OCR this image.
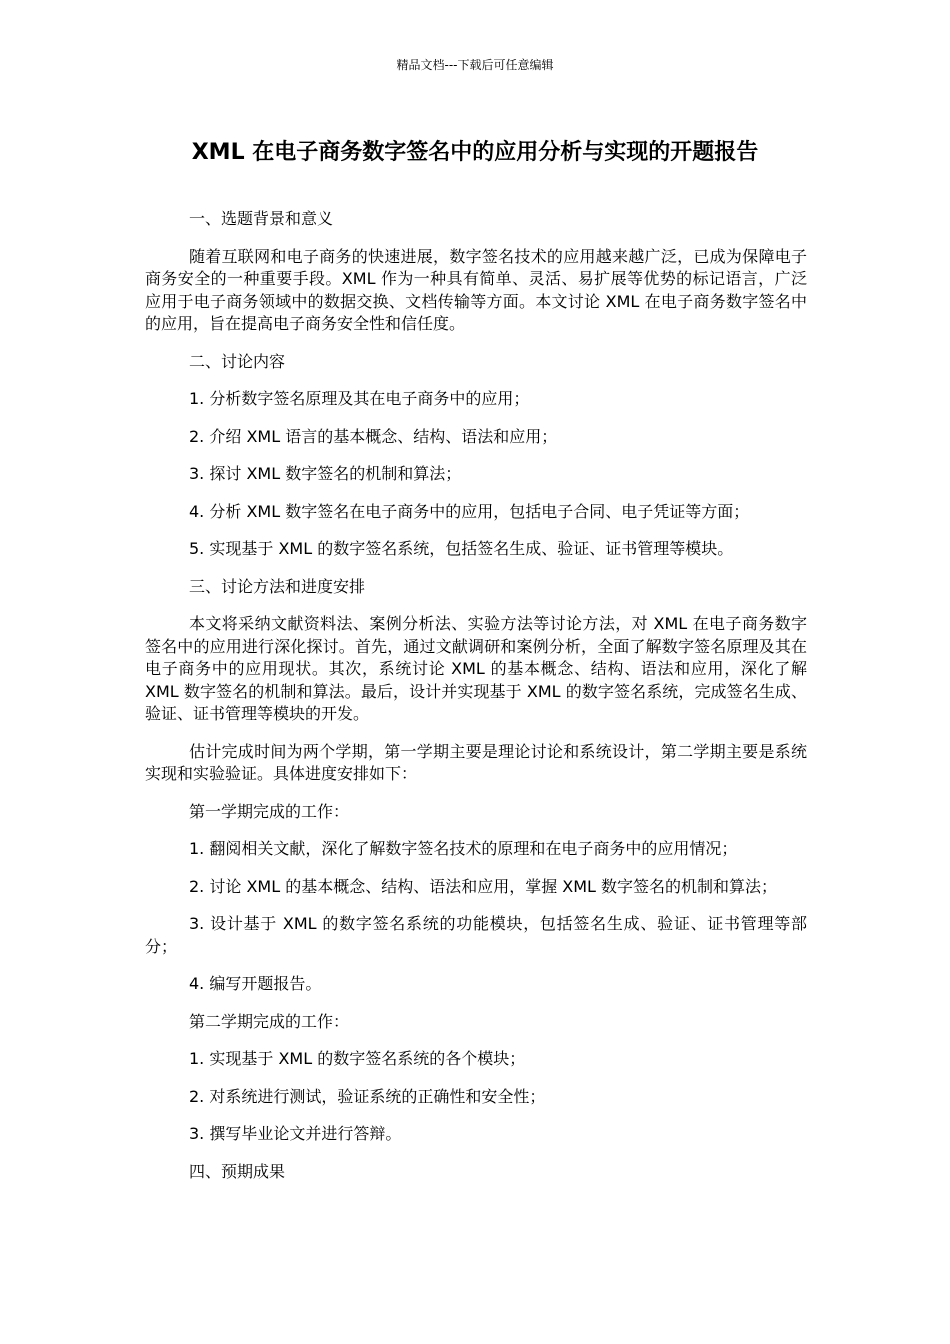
精品文档---下载后可任意编辑
XML 在电子商务数字签名中的应用分析与实现的开题报告

一、选题背景和意义

随着互联网和电子商务的快速进展，数字签名技术的应用越来越广泛，已成为保障电子商务安全的一种重要手段。XML 作为一种具有简单、灵活、易扩展等优势的标记语言，广泛应用于电子商务领域中的数据交换、文档传输等方面。本文讨论 XML 在电子商务数字签名中的应用，旨在提高电子商务安全性和信任度。

二、讨论内容

1. 分析数字签名原理及其在电子商务中的应用；

2. 介绍 XML 语言的基本概念、结构、语法和应用；

3. 探讨 XML 数字签名的机制和算法；

4. 分析 XML 数字签名在电子商务中的应用，包括电子合同、电子凭证等方面；

5. 实现基于 XML 的数字签名系统，包括签名生成、验证、证书管理等模块。

三、讨论方法和进度安排

本文将采纳文献资料法、案例分析法、实验方法等讨论方法，对 XML 在电子商务数字签名中的应用进行深化探讨。首先，通过文献调研和案例分析，全面了解数字签名原理及其在电子商务中的应用现状。其次，系统讨论 XML 的基本概念、结构、语法和应用，深化了解 XML 数字签名的机制和算法。最后，设计并实现基于 XML 的数字签名系统，完成签名生成、验证、证书管理等模块的开发。

估计完成时间为两个学期，第一学期主要是理论讨论和系统设计，第二学期主要是系统实现和实验验证。具体进度安排如下：

第一学期完成的工作：

1. 翻阅相关文献，深化了解数字签名技术的原理和在电子商务中的应用情况；

2. 讨论 XML 的基本概念、结构、语法和应用，掌握 XML 数字签名的机制和算法；

3. 设计基于 XML 的数字签名系统的功能模块，包括签名生成、验证、证书管理等部分；

4. 编写开题报告。

第二学期完成的工作：

1. 实现基于 XML 的数字签名系统的各个模块；

2. 对系统进行测试，验证系统的正确性和安全性；

3. 撰写毕业论文并进行答辩。

四、预期成果
